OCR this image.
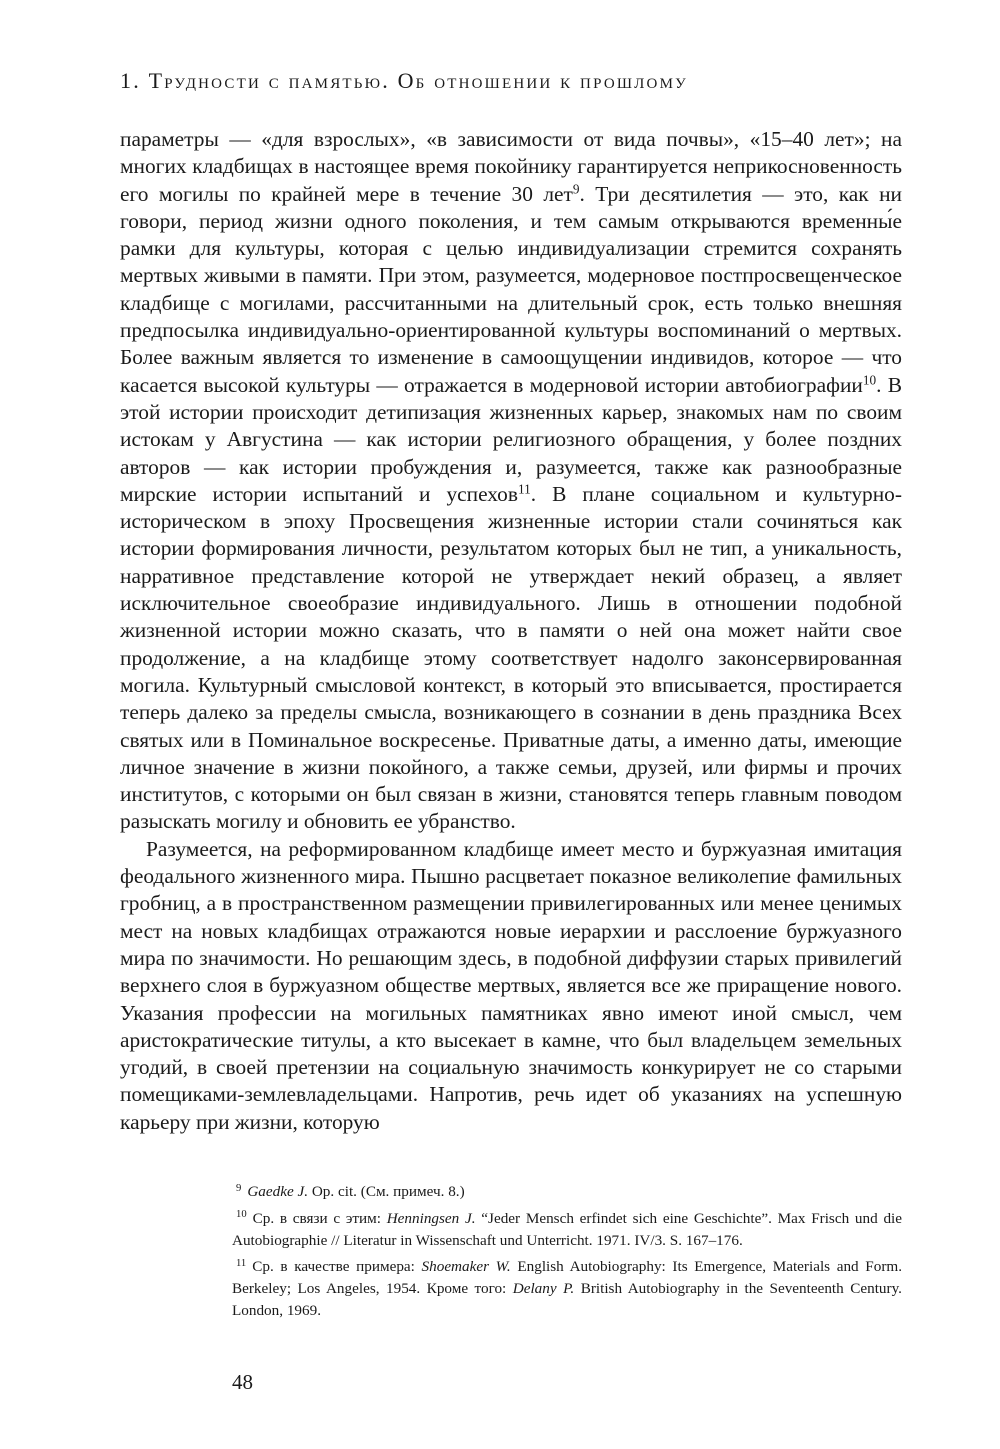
1. Трудности с памятью. Об отношении к прошлому

параметры — «для взрослых», «в зависимости от вида почвы», «15–40 лет»; на многих кладбищах в настоящее время покойнику гарантируется неприкосновенность его могилы по крайней мере в течение 30 лет$^9$. Три десятилетия — это, как ни говори, период жизни одного поколения, и тем самым открываются временны́е рамки для культуры, которая с целью индивидуализации стремится сохранять мертвых живыми в памяти. При этом, разумеется, модерновое постпросвещенческое кладбище с могилами, рассчитанными на длительный срок, есть только внешняя предпосылка индивидуально-ориентированной культуры воспоминаний о мертвых. Более важным является то изменение в самоощущении индивидов, которое — что касается высокой культуры — отражается в модерновой истории автобиографии$^{10}$. В этой истории происходит детипизация жизненных карьер, знакомых нам по своим истокам у Августина — как истории религиозного обращения, у более поздних авторов — как истории пробуждения и, разумеется, также как разнообразные мирские истории испытаний и успехов$^{11}$. В плане социальном и культурно-историческом в эпоху Просвещения жизненные истории стали сочиняться как истории формирования личности, результатом которых был не тип, а уникальность, нарративное представление которой не утверждает некий образец, а являет исключительное своеобразие индивидуального. Лишь в отношении подобной жизненной истории можно сказать, что в памяти о ней она может найти свое продолжение, а на кладбище этому соответствует надолго законсервированная могила. Культурный смысловой контекст, в который это вписывается, простирается теперь далеко за пределы смысла, возникающего в сознании в день праздника Всех святых или в Поминальное воскресенье. Приватные даты, а именно даты, имеющие личное значение в жизни покойного, а также семьи, друзей, или фирмы и прочих институтов, с которыми он был связан в жизни, становятся теперь главным поводом разыскать могилу и обновить ее убранство.

Разумеется, на реформированном кладбище имеет место и буржуазная имитация феодального жизненного мира. Пышно расцветает показное великолепие фамильных гробниц, а в пространственном размещении привилегированных или менее ценимых мест на новых кладбищах отражаются новые иерархии и расслоение буржуазного мира по значимости. Но решающим здесь, в подобной диффузии старых привилегий верхнего слоя в буржуазном обществе мертвых, является все же приращение нового. Указания профессии на могильных памятниках явно имеют иной смысл, чем аристократические титулы, а кто высекает в камне, что был владельцем земельных угодий, в своей претензии на социальную значимость конкурирует не со старыми помещиками-землевладельцами. Напротив, речь идет об указаниях на успешную карьеру при жизни, которую

$^9$ Gaedke J. Op. cit. (См. примеч. 8.)

$^{10}$ Ср. в связи с этим: Henningsen J. “Jeder Mensch erfindet sich eine Geschichte”. Max Frisch und die Autobiographie // Literatur in Wissenschaft und Unterricht. 1971. IV/3. S. 167–176.

$^{11}$ Ср. в качестве примера: Shoemaker W. English Autobiography: Its Emergence, Materials and Form. Berkeley; Los Angeles, 1954. Кроме того: Delany P. British Autobiography in the Seventeenth Century. London, 1969.

48
